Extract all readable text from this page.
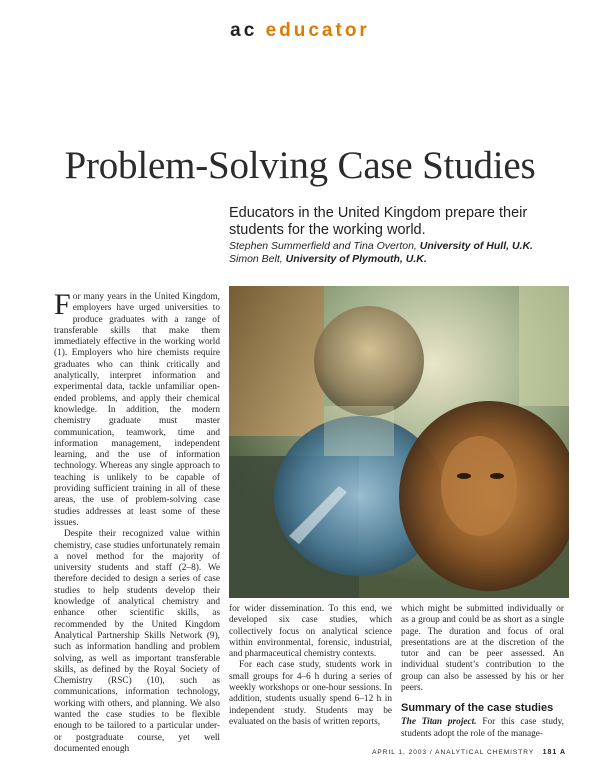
ac educator
Problem-Solving Case Studies
Educators in the United Kingdom prepare their students for the working world.
Stephen Summerfield and Tina Overton, University of Hull, U.K.
Simon Belt, University of Plymouth, U.K.

For many years in the United Kingdom, employers have urged universities to produce graduates with a range of transferable skills that make them immediately effective in the working world (1). Employers who hire chemists require graduates who can think critically and analytically, interpret information and experimental data, tackle unfamiliar open-ended problems, and apply their chemical knowledge. In addition, the modern chemistry graduate must master communication, teamwork, time and information management, independent learning, and the use of information technology. Whereas any single approach to teaching is unlikely to be capable of providing sufficient training in all of these areas, the use of problem-solving case studies addresses at least some of these issues.

Despite their recognized value within chemistry, case studies unfortunately remain a novel method for the majority of university students and staff (2–8). We therefore decided to design a series of case studies to help students develop their knowledge of analytical chemistry and enhance other scientific skills, as recommended by the United Kingdom Analytical Partnership Skills Network (9), such as information handling and problem solving, as well as important transferable skills, as defined by the Royal Society of Chemistry (RSC) (10), such as communications, information technology, working with others, and planning. We also wanted the case studies to be flexible enough to be tailored to a particular under- or postgraduate course, yet well documented enough

for wider dissemination. To this end, we developed six case studies, which collectively focus on analytical science within environmental, forensic, industrial, and pharmaceutical chemistry contexts.

For each case study, students work in small groups for 4–6 h during a series of weekly workshops or one-hour sessions. In addition, students usually spend 6–12 h in independent study. Students may be evaluated on the basis of written reports,

which might be submitted individually or as a group and could be as short as a single page. The duration and focus of oral presentations are at the discretion of the tutor and can be peer assessed. An individual student’s contribution to the group can also be assessed by his or her peers.

Summary of the case studies

The Titan project. For this case study, students adopt the role of the manage-

APRIL 1, 2003 / ANALYTICAL CHEMISTRY 181 A
